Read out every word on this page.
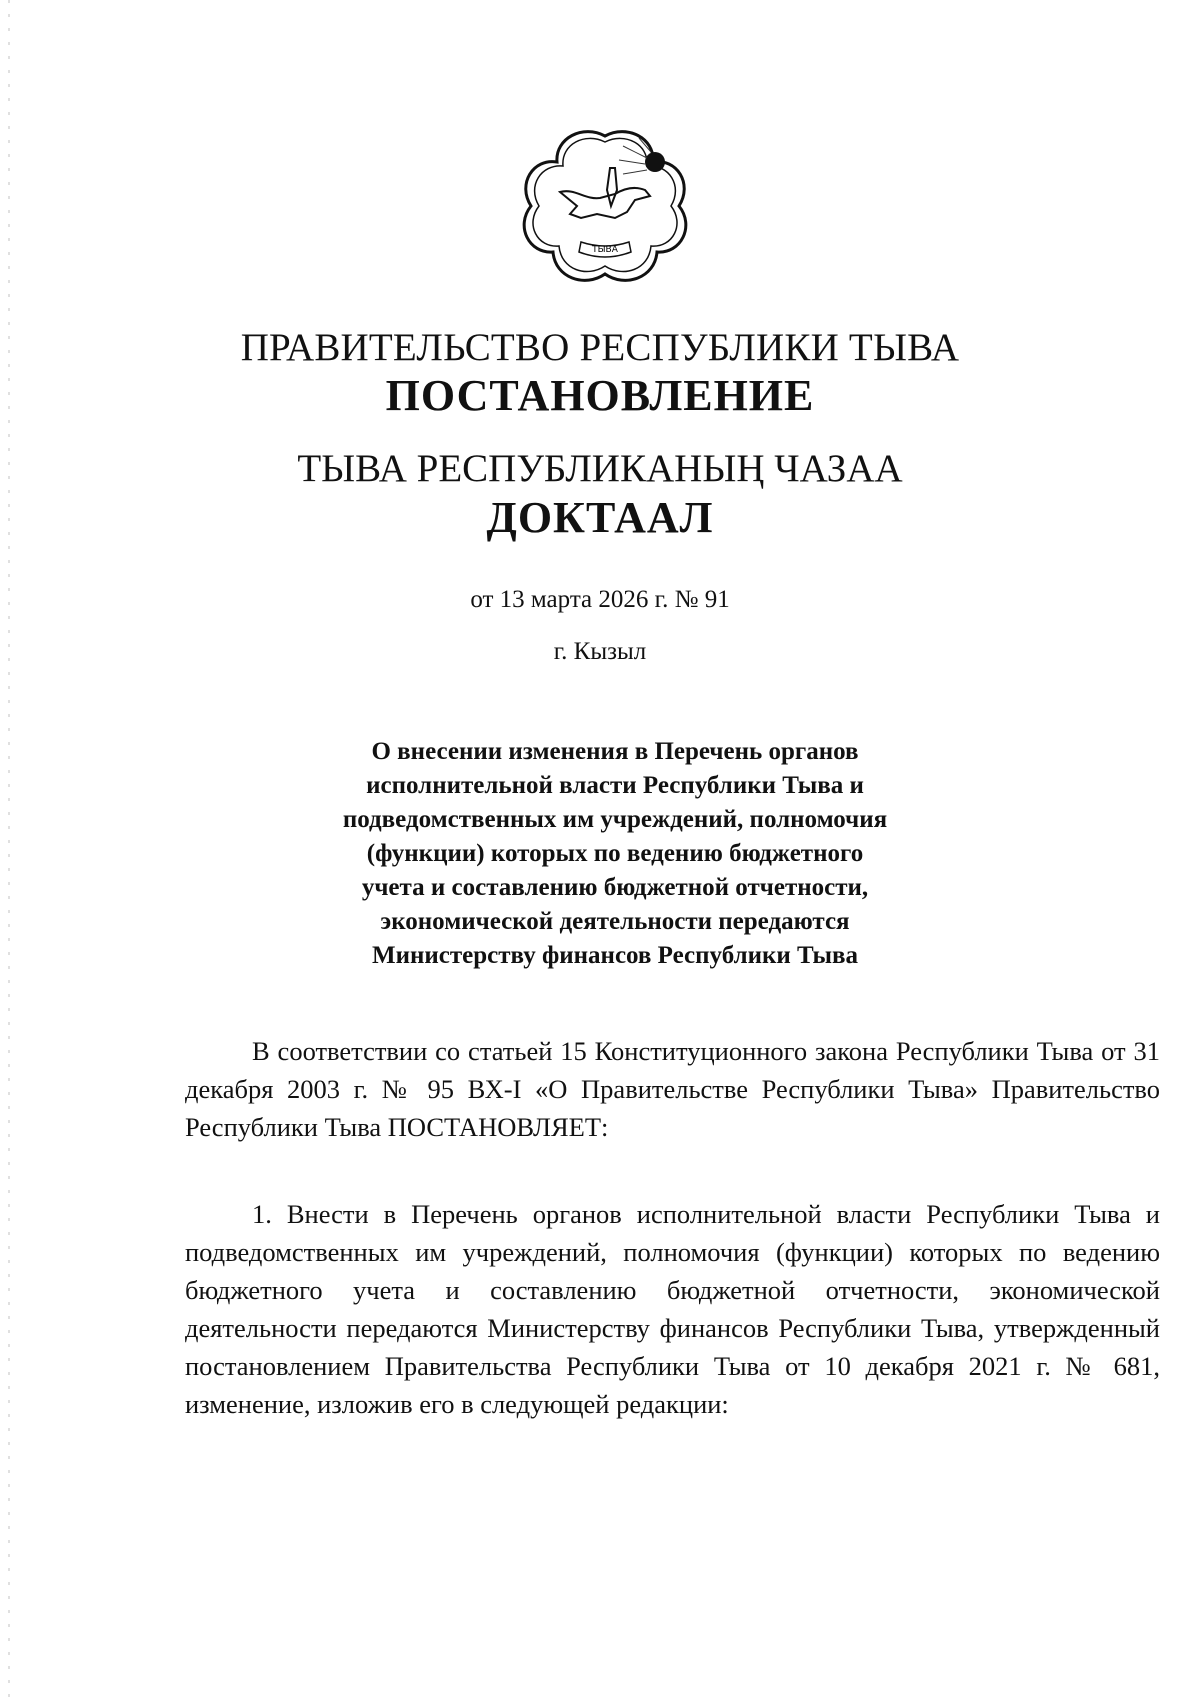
ТЫВА
ПРАВИТЕЛЬСТВО РЕСПУБЛИКИ ТЫВА
ПОСТАНОВЛЕНИЕ
ТЫВА РЕСПУБЛИКАНЫҢ ЧАЗАА
ДОКТААЛ
от 13 марта 2026 г. № 91
г. Кызыл
О внесении изменения в Перечень органов исполнительной власти Республики Тыва и подведомственных им учреждений, полномочия (функции) которых по ведению бюджетного учета и составлению бюджетной отчетности, экономической деятельности передаются Министерству финансов Республики Тыва
В соответствии со статьей 15 Конституционного закона Республики Тыва от 31 декабря 2003 г. № 95 ВХ-I «О Правительстве Республики Тыва» Правительство Республики Тыва ПОСТАНОВЛЯЕТ:
1. Внести в Перечень органов исполнительной власти Республики Тыва и подведомственных им учреждений, полномочия (функции) которых по ведению бюджетного учета и составлению бюджетной отчетности, экономической деятельности передаются Министерству финансов Республики Тыва, утвержденный постановлением Правительства Республики Тыва от 10 декабря 2021 г. № 681, изменение, изложив его в следующей редакции:
